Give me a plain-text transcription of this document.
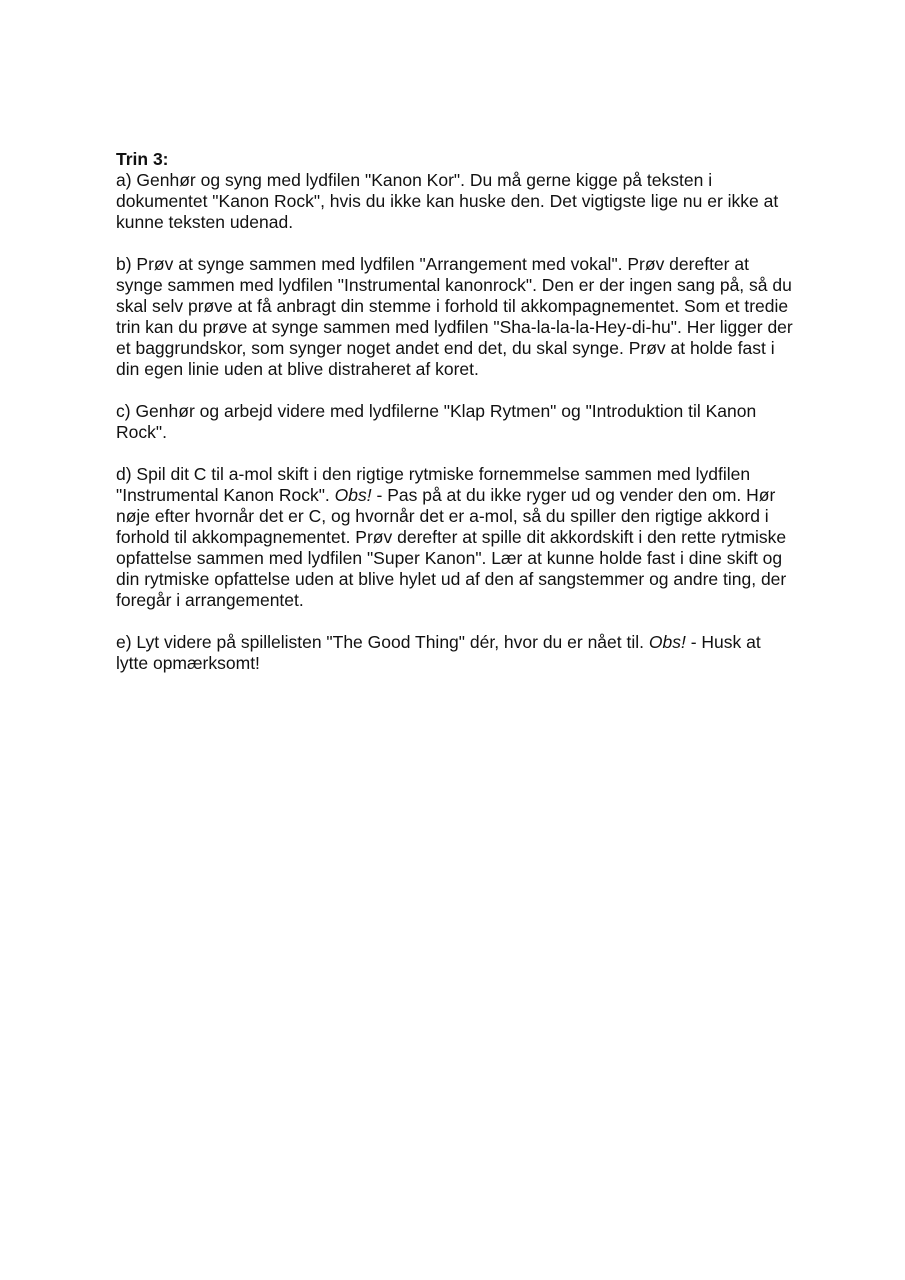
Trin 3:

a) Genhør og syng med lydfilen "Kanon Kor". Du må gerne kigge på teksten i dokumentet "Kanon Rock", hvis du ikke kan huske den. Det vigtigste lige nu er ikke at kunne teksten udenad.

b) Prøv at synge sammen med lydfilen "Arrangement med vokal". Prøv derefter at synge sammen med lydfilen "Instrumental kanonrock". Den er der ingen sang på, så du skal selv prøve at få anbragt din stemme i forhold til akkompagnementet. Som et tredie trin kan du prøve at synge sammen med lydfilen "Sha-la-la-la-Hey-di-hu". Her ligger der et baggrundskor, som synger noget andet end det, du skal synge. Prøv at holde fast i din egen linie uden at blive distraheret af koret.

c) Genhør og arbejd videre med lydfilerne "Klap Rytmen" og "Introduktion til Kanon Rock".

d) Spil dit C til a-mol skift i den rigtige rytmiske fornemmelse sammen med lydfilen "Instrumental Kanon Rock". Obs! - Pas på at du ikke ryger ud og vender den om. Hør nøje efter hvornår det er C, og hvornår det er a-mol, så du spiller den rigtige akkord i forhold til akkompagnementet. Prøv derefter at spille dit akkordskift i den rette rytmiske opfattelse sammen med lydfilen "Super Kanon". Lær at kunne holde fast i dine skift og din rytmiske opfattelse uden at blive hylet ud af den af sangstemmer og andre ting, der foregår i arrangementet.

e) Lyt videre på spillelisten "The Good Thing" dér, hvor du er nået til. Obs! - Husk at lytte opmærksomt!
